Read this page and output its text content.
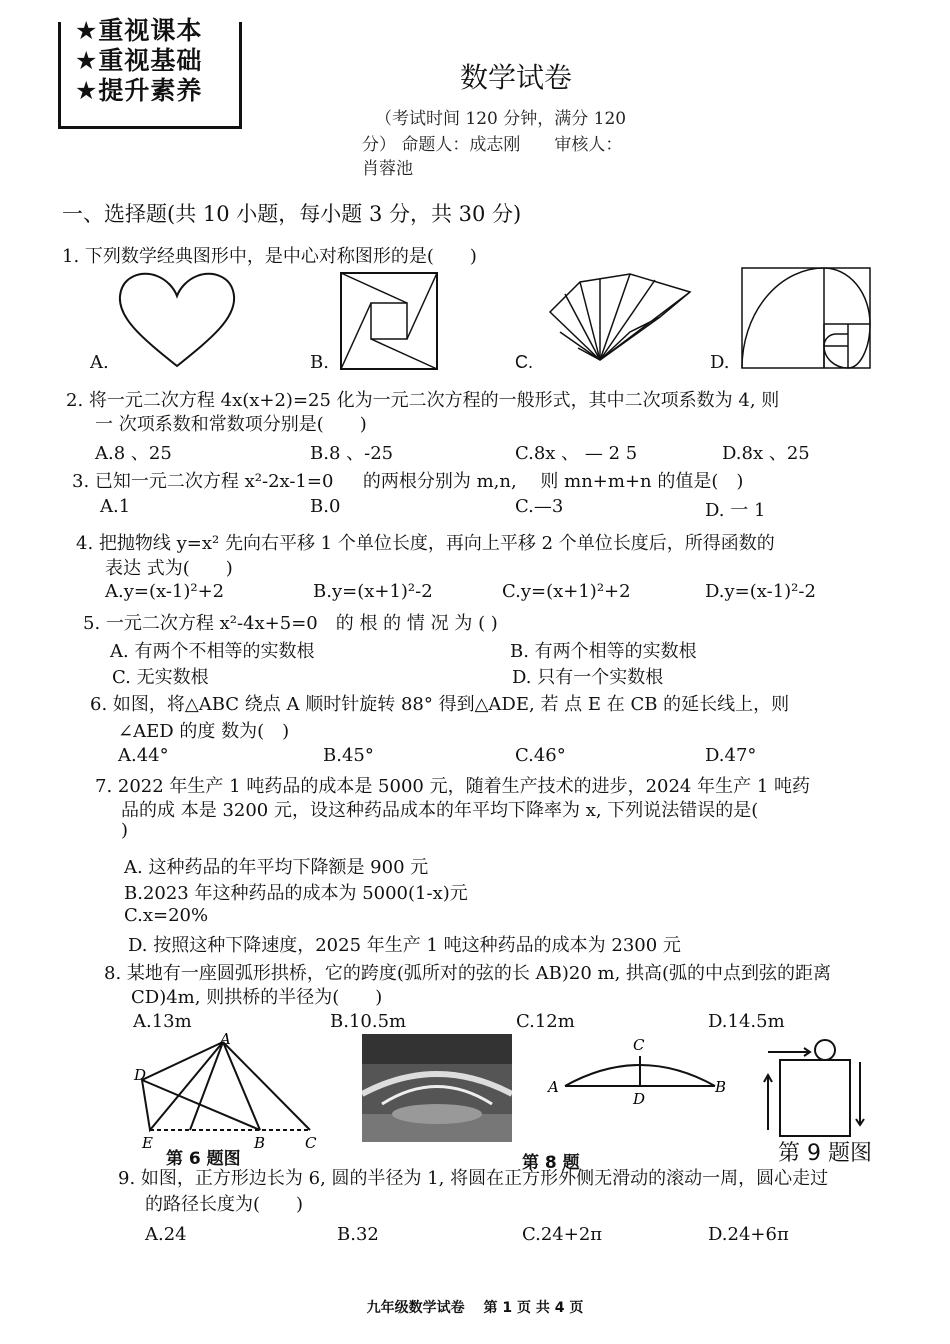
★重视课本
★重视基础
★提升素养	数学试卷
（考试时间 120 分钟，满分 120
分） 命题人：成志刚　　审核人：
肖蓉池
一、选择题(共 10 小题，每小题 3 分，共 30 分)
1. 下列数学经典图形中，是中心对称图形的是(　　)
A.	B.	C.	D.
2. 将一元二次方程 4x(x+2)=25 化为一元二次方程的一般形式，其中二次项系数为 4, 则
一 次项系数和常数项分别是(　　)
A.8 、25	B.8 、-25	C.8x 、 — 2 5	D.8x 、25
3. 已知一元二次方程 x²-2x-1=0 　 的两根分别为 m,n,　 则 mn+m+n 的值是(　)
A.1	B.0	C.—3	D. 一 1
4. 把抛物线 y=x² 先向右平移 1 个单位长度，再向上平移 2 个单位长度后，所得函数的
表达 式为(　　)
A.y=(x-1)²+2	B.y=(x+1)²-2	C.y=(x+1)²+2	D.y=(x-1)²-2
5. 一元二次方程 x²-4x+5=0　的 根 的 情 况 为 ( )
A. 有两个不相等的实数根	B. 有两个相等的实数根
C. 无实数根	D. 只有一个实数根
6. 如图，将△ABC 绕点 A 顺时针旋转 88° 得到△ADE, 若 点 E 在 CB 的延长线上，则
∠AED 的度 数为(　)
A.44°	B.45°	C.46°	D.47°
7. 2022 年生产 1 吨药品的成本是 5000 元，随着生产技术的进步，2024 年生产 1 吨药
品的成 本是 3200 元，设这种药品成本的年平均下降率为 x, 下列说法错误的是(
)
A. 这种药品的年平均下降额是 900 元
B.2023 年这种药品的成本为 5000(1-x)元
C.x=20%
D. 按照这种下降速度，2025 年生产 1 吨这种药品的成本为 2300 元
8. 某地有一座圆弧形拱桥，它的跨度(弧所对的弦的长 AB)20 m, 拱高(弧的中点到弦的距离
CD)4m, 则拱桥的半径为(　　)
A.13m	B.10.5m	C.12m	D.14.5m
A
D
E	B	C
第 6 题图	第 8 题
C
A	B
D
第 9 题图
9. 如图，正方形边长为 6, 圆的半径为 1, 将圆在正方形外侧无滑动的滚动一周，圆心走过
的路径长度为(　　)
A.24	B.32	C.24+2π	D.24+6π
九年级数学试卷　 第 1 页 共 4 页
